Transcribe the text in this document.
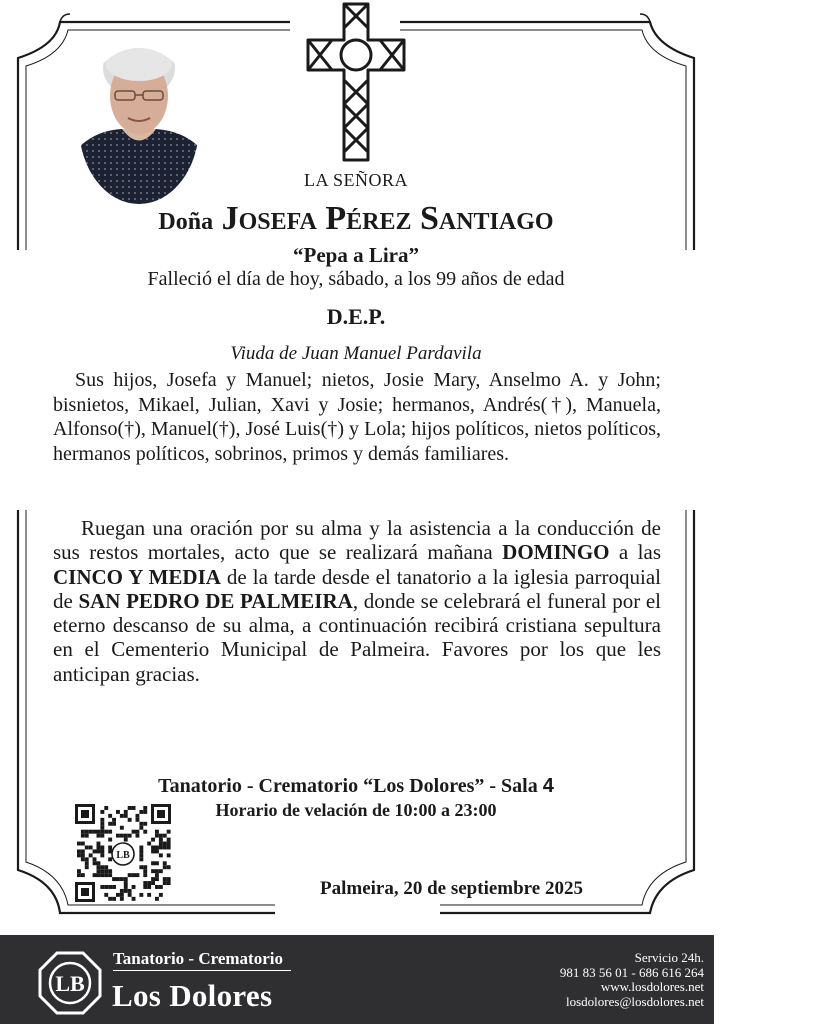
LA SEÑORA
Doña Josefa Pérez Santiago
“Pepa a Lira”
Falleció el día de hoy, sábado, a los 99 años de edad
D.E.P.
Viuda de Juan Manuel Pardavila
Sus hijos, Josefa y Manuel; nietos, Josie Mary, Anselmo A. y John; bisnietos, Mikael, Julian, Xavi y Josie; hermanos, Andrés(†), Manuela, Alfonso(†), Manuel(†), José Luis(†) y Lola; hijos políticos, nietos políticos, hermanos políticos, sobrinos, primos y demás familiares.
Ruegan una oración por su alma y la asistencia a la conducción de sus restos mortales, acto que se realizará mañana DOMINGO a las CINCO Y MEDIA de la tarde desde el tanatorio a la iglesia parroquial de SAN PEDRO DE PALMEIRA, donde se celebrará el funeral por el eterno descanso de su alma, a continuación recibirá cristiana sepultura en el Cementerio Municipal de Palmeira. Favores por los que les anticipan gracias.
Tanatorio - Crematorio “Los Dolores” - Sala 4
Horario de velación de 10:00 a 23:00
LB
Palmeira, 20 de septiembre 2025
LB
Tanatorio - Crematorio
Los Dolores
Servicio 24h.
981 83 56 01 - 686 616 264
www.losdolores.net
losdolores@losdolores.net
